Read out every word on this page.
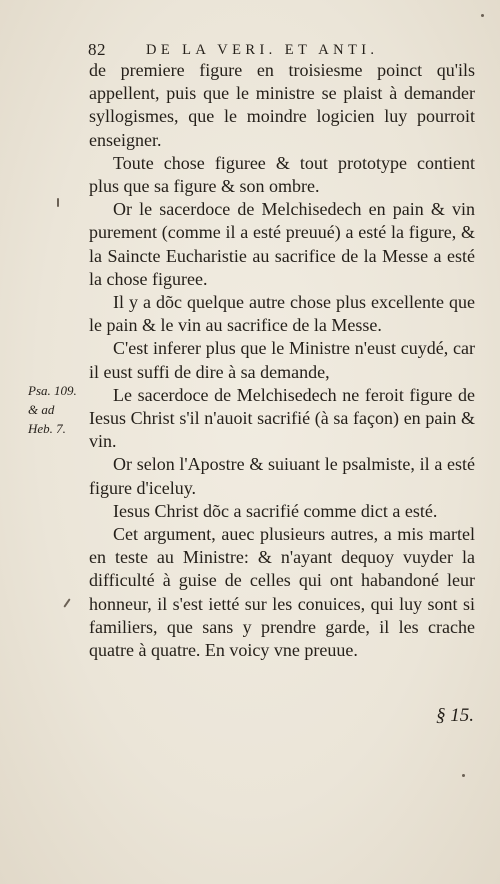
82	DE LA VERI. ET ANTI.

de premiere figure en troisiesme poinct qu'ils appellent, puis que le ministre se plaist à demander syllogismes, que le moindre logicien luy pourroit enseigner.

Toute chose figuree & tout prototype contient plus que sa figure & son ombre.

Or le sacerdoce de Melchisedech en pain & vin purement (comme il a esté preuué) a esté la figure, & la Saincte Eucharistie au sacrifice de la Messe a esté la chose figuree.

Il y a dõc quelque autre chose plus excellente que le pain & le vin au sacrifice de la Messe.

C'est inferer plus que le Ministre n'eust cuydé, car il eust suffi de dire à sa demande,

Le sacerdoce de Melchisedech ne feroit figure de Iesus Christ s'il n'auoit sacrifié (à sa façon) en pain & vin.

Or selon l'Apostre & suiuant le psalmiste, il a esté figure d'iceluy.

Iesus Christ dõc a sacrifié comme dict a esté.

Cet argument, auec plusieurs autres, a mis martel en teste au Ministre: & n'ayant dequoy vuyder la difficulté à guise de celles qui ont habandoné leur honneur, il s'est ietté sur les conuices, qui luy sont si familiers, que sans y prendre garde, il les crache quatre à quatre. En voicy vne preuue.

Psa. 109.
& ad
Heb. 7.
§ 15.
